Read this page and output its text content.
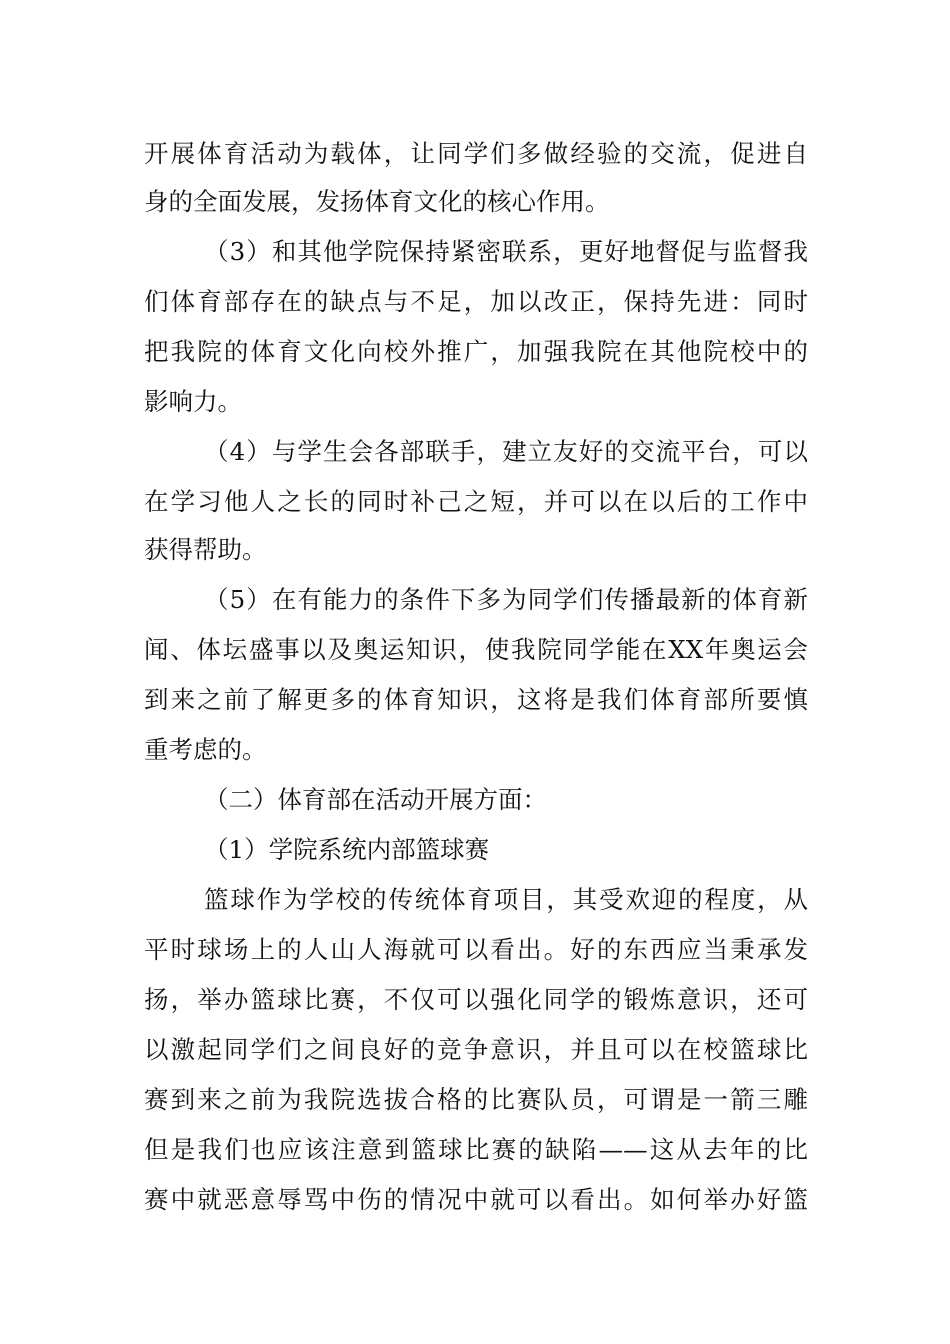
开展体育活动为载体，让同学们多做经验的交流，促进自
身的全面发展，发扬体育文化的核心作用。
（3）和其他学院保持紧密联系，更好地督促与监督我
们体育部存在的缺点与不足，加以改正，保持先进：同时
把我院的体育文化向校外推广，加强我院在其他院校中的
影响力。
（4）与学生会各部联手，建立友好的交流平台，可以
在学习他人之长的同时补己之短，并可以在以后的工作中
获得帮助。
（5）在有能力的条件下多为同学们传播最新的体育新
闻、体坛盛事以及奥运知识，使我院同学能在XX年奥运会
到来之前了解更多的体育知识，这将是我们体育部所要慎
重考虑的。
（二）体育部在活动开展方面：
（1）学院系统内部篮球赛
篮球作为学校的传统体育项目，其受欢迎的程度，从
平时球场上的人山人海就可以看出。好的东西应当秉承发
扬，举办篮球比赛，不仅可以强化同学的锻炼意识，还可
以激起同学们之间良好的竞争意识，并且可以在校篮球比
赛到来之前为我院选拔合格的比赛队员，可谓是一箭三雕
但是我们也应该注意到篮球比赛的缺陷——这从去年的比
赛中就恶意辱骂中伤的情况中就可以看出。如何举办好篮
